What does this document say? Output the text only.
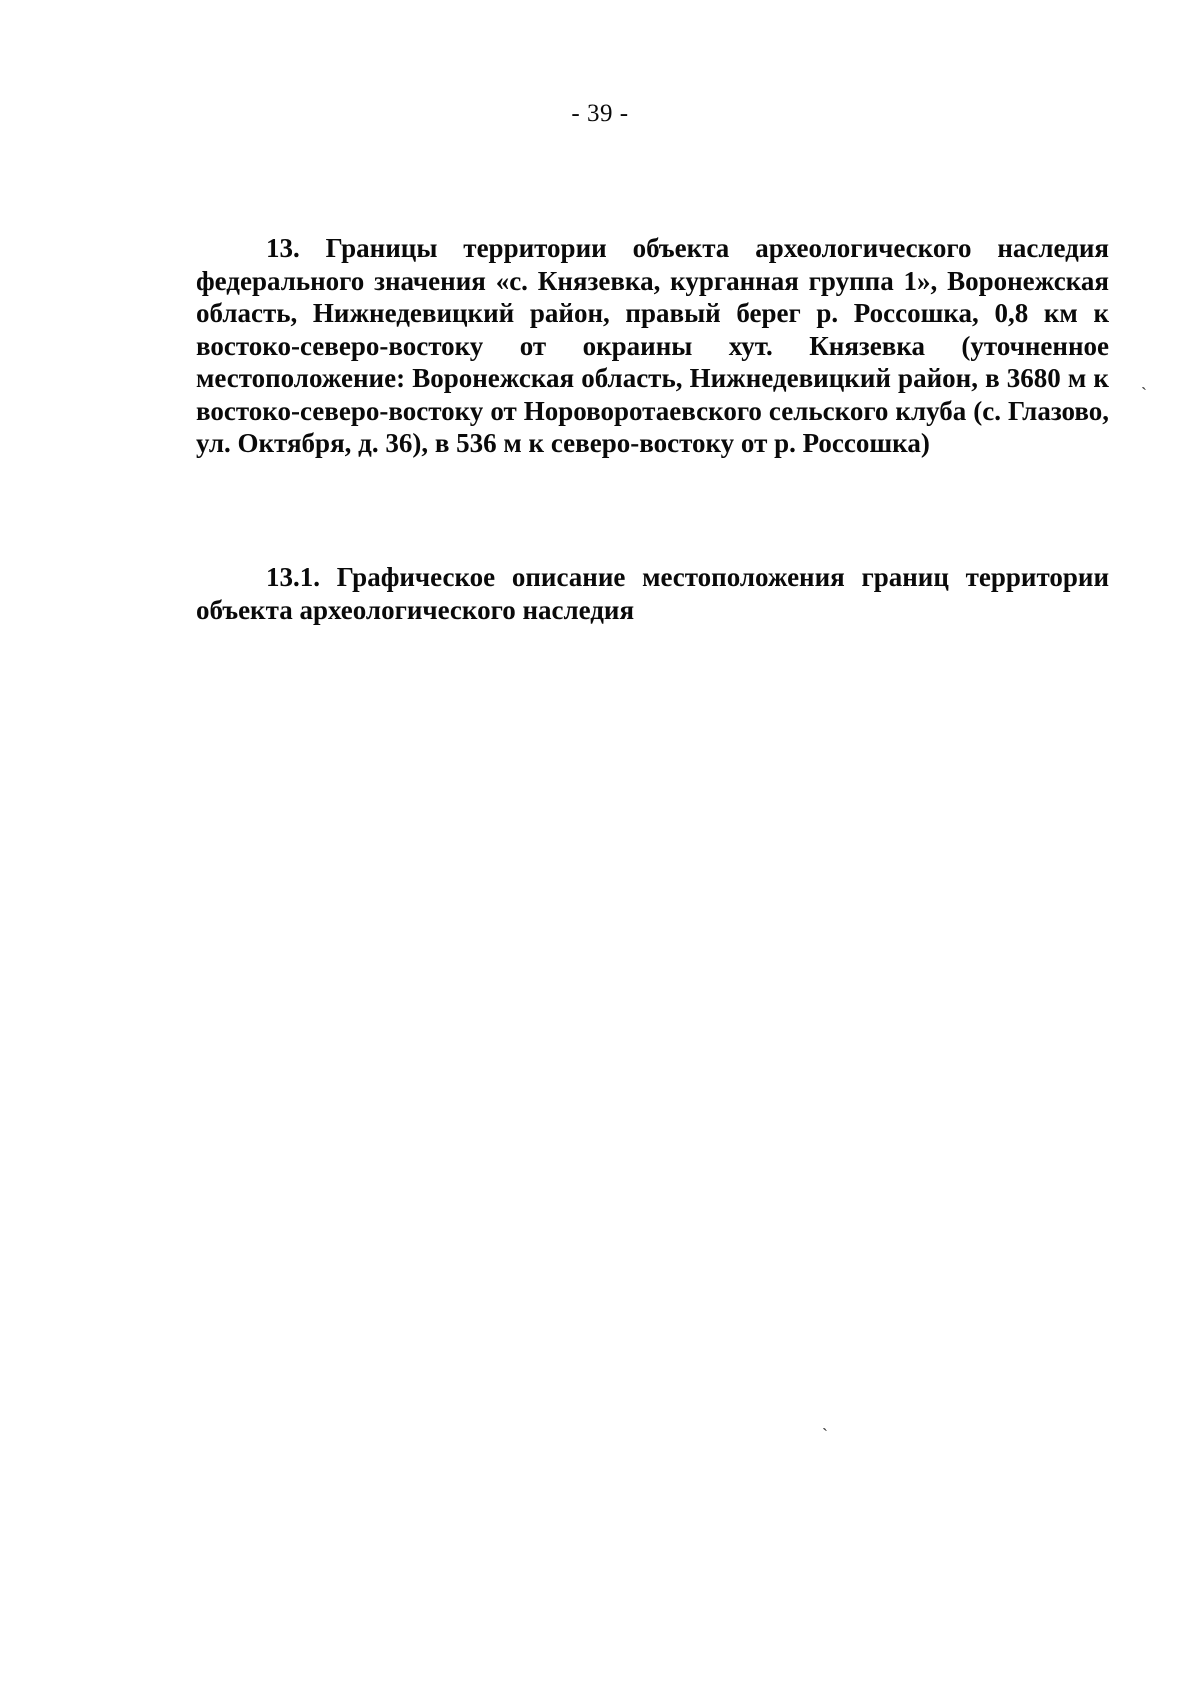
- 39 -

13. Границы территории объекта археологического наследия федерального значения «с. Князевка, курганная группа 1», Воронежская область, Нижнедевицкий район, правый берег р. Россошка, 0,8 км к востоко-северо-востоку от окраины хут. Князевка (уточненное местоположение: Воронежская область, Нижнедевицкий район, в 3680 м к востоко-северо-востоку от Нороворотаевского сельского клуба (с. Глазово, ул. Октября, д. 36), в 536 м к северо-востоку от р. Россошка)

13.1. Графическое описание местоположения границ территории объекта археологического наследия

ˎ
ˏ
